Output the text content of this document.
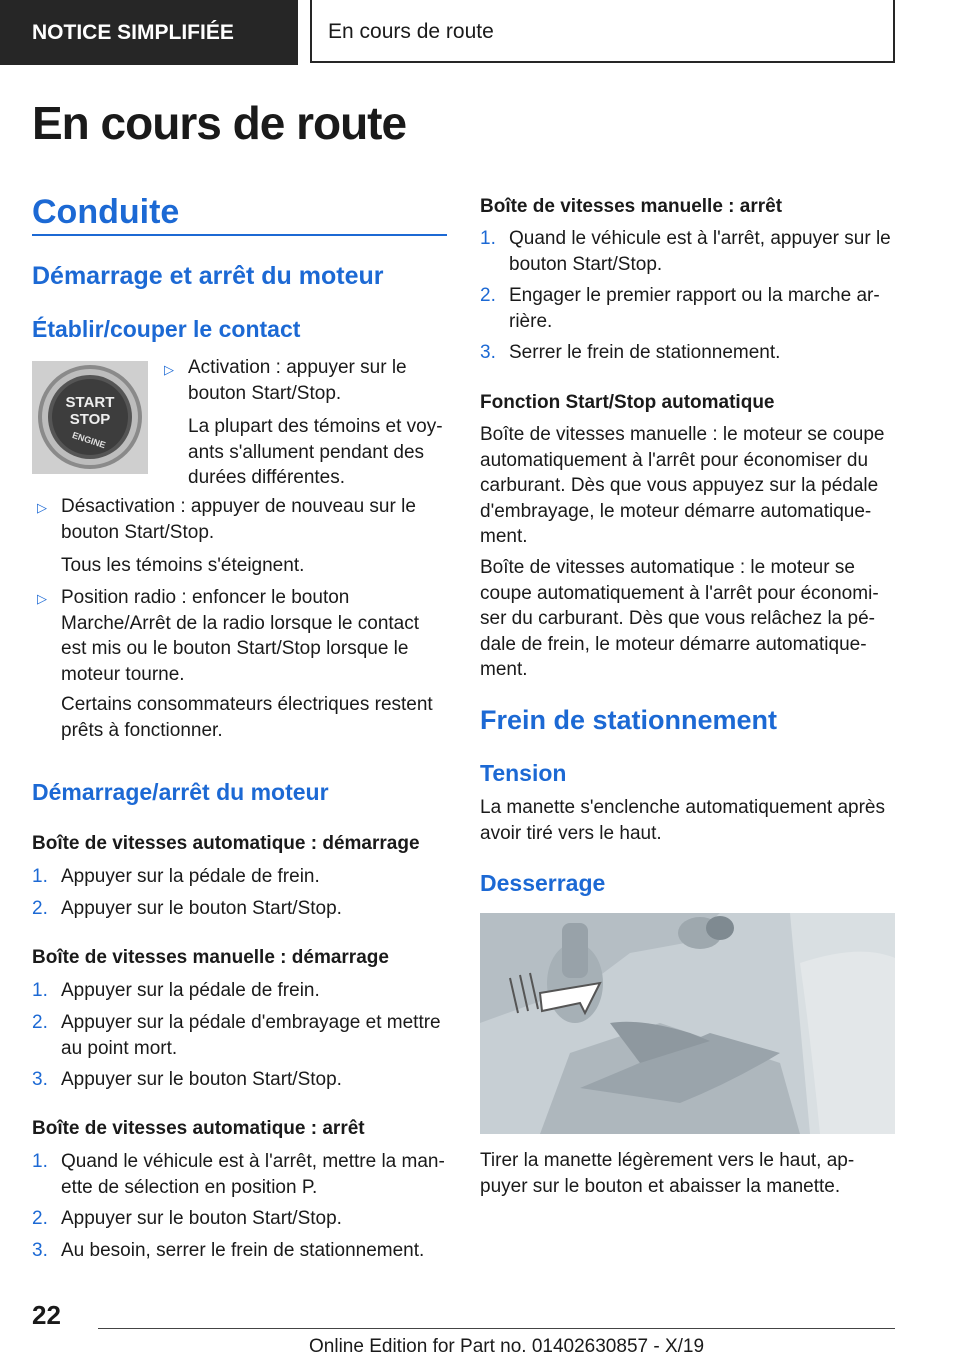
NOTICE SIMPLIFIÉE	En cours de route
En cours de route
Conduite
Démarrage et arrêt du moteur
Établir/couper le contact
START
STOP
ENGINE
▷ Activation : appuyer sur le bouton Start/Stop.
La plupart des témoins et voyants s'allument pendant des durées différentes.
▷ Désactivation : appuyer de nouveau sur le bouton Start/Stop.
Tous les témoins s'éteignent.
▷ Position radio : enfoncer le bouton Marche/Arrêt de la radio lorsque le contact est mis ou le bouton Start/Stop lorsque le moteur tourne.
Certains consommateurs électriques restent prêts à fonctionner.
Démarrage/arrêt du moteur
Boîte de vitesses automatique : démarrage
1. Appuyer sur la pédale de frein.
2. Appuyer sur le bouton Start/Stop.
Boîte de vitesses manuelle : démarrage
1. Appuyer sur la pédale de frein.
2. Appuyer sur la pédale d'embrayage et mettre au point mort.
3. Appuyer sur le bouton Start/Stop.
Boîte de vitesses automatique : arrêt
1. Quand le véhicule est à l'arrêt, mettre la manette de sélection en position P.
2. Appuyer sur le bouton Start/Stop.
3. Au besoin, serrer le frein de stationnement.
Boîte de vitesses manuelle : arrêt
1. Quand le véhicule est à l'arrêt, appuyer sur le bouton Start/Stop.
2. Engager le premier rapport ou la marche arrière.
3. Serrer le frein de stationnement.
Fonction Start/Stop automatique
Boîte de vitesses manuelle : le moteur se coupe automatiquement à l'arrêt pour économiser du carburant. Dès que vous appuyez sur la pédale d'embrayage, le moteur démarre automatiquement.
Boîte de vitesses automatique : le moteur se coupe automatiquement à l'arrêt pour économiser du carburant. Dès que vous relâchez la pédale de frein, le moteur démarre automatiquement.
Frein de stationnement
Tension
La manette s'enclenche automatiquement après avoir tiré vers le haut.
Desserrage
Tirer la manette légèrement vers le haut, appuyer sur le bouton et abaisser la manette.
22
Online Edition for Part no. 01402630857 - X/19
